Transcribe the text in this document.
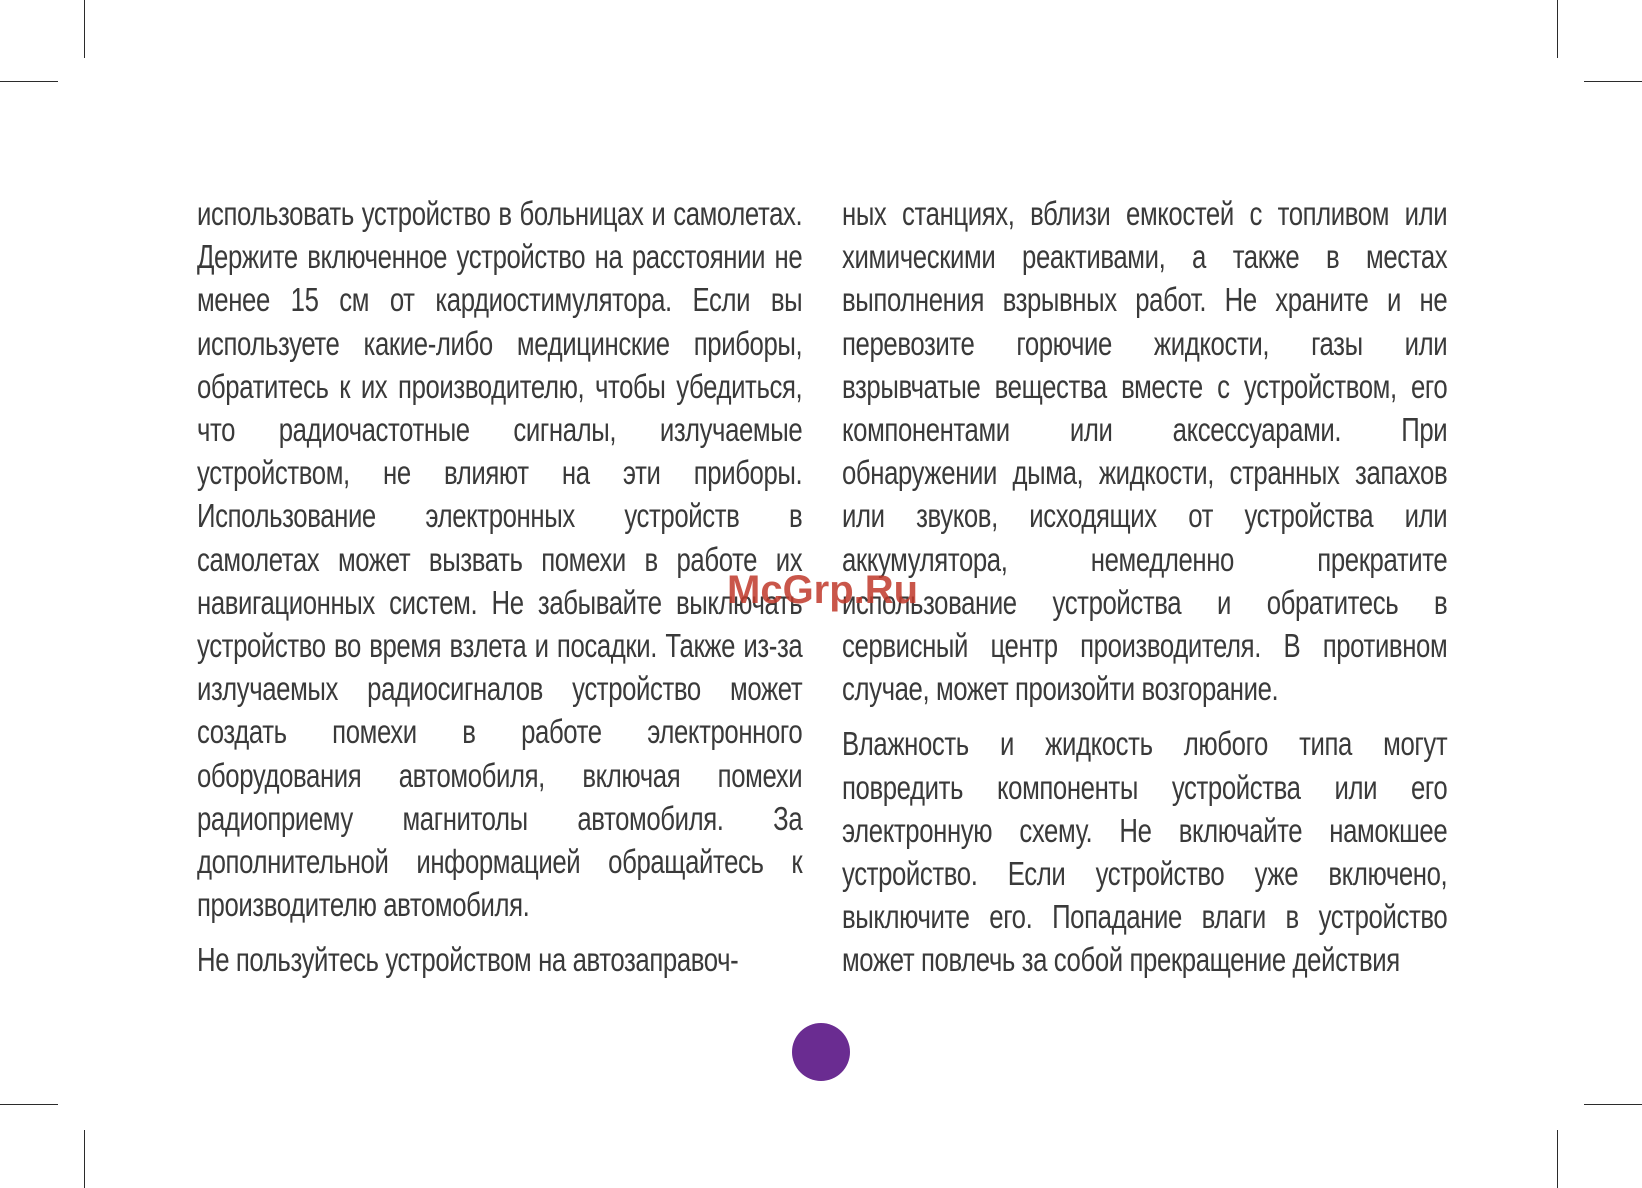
использовать устройство в больницах и самолетах. Держите включенное устройство на расстоянии не менее 15 см от кардиостимулятора. Если вы используете какие-либо медицинские приборы, обратитесь к их производителю, чтобы убедиться, что радиочастотные сигналы, излучаемые устройством, не влияют на эти приборы. Использование электронных устройств в самолетах может вызвать помехи в работе их навигационных систем. Не забывайте выключать устройство во время взлета и посадки. Также из-за излучаемых радиосигналов устройство может создать помехи в работе электронного оборудования автомобиля, включая помехи радиоприему магнитолы автомобиля. За дополнительной информацией обращайтесь к производителю автомобиля.

Не пользуйтесь устройством на автозаправоч-

ных станциях, вблизи емкостей с топливом или химическими реактивами, а также в местах выполнения взрывных работ. Не храните и не перевозите горючие жидкости, газы или взрывчатые вещества вместе с устройством, его компонентами или аксессуарами. При обнаружении дыма, жидкости, странных запахов или звуков, исходящих от устройства или аккумулятора, немедленно прекратите использование устройства и обратитесь в сервисный центр производителя. В противном случае, может произойти возгорание.

Влажность и жидкость любого типа могут повредить компоненты устройства или его электронную схему. Не включайте намокшее устройство. Если устройство уже включено, выключите его. Попадание влаги в устройство может повлечь за собой прекращение действия

McGrp.Ru
